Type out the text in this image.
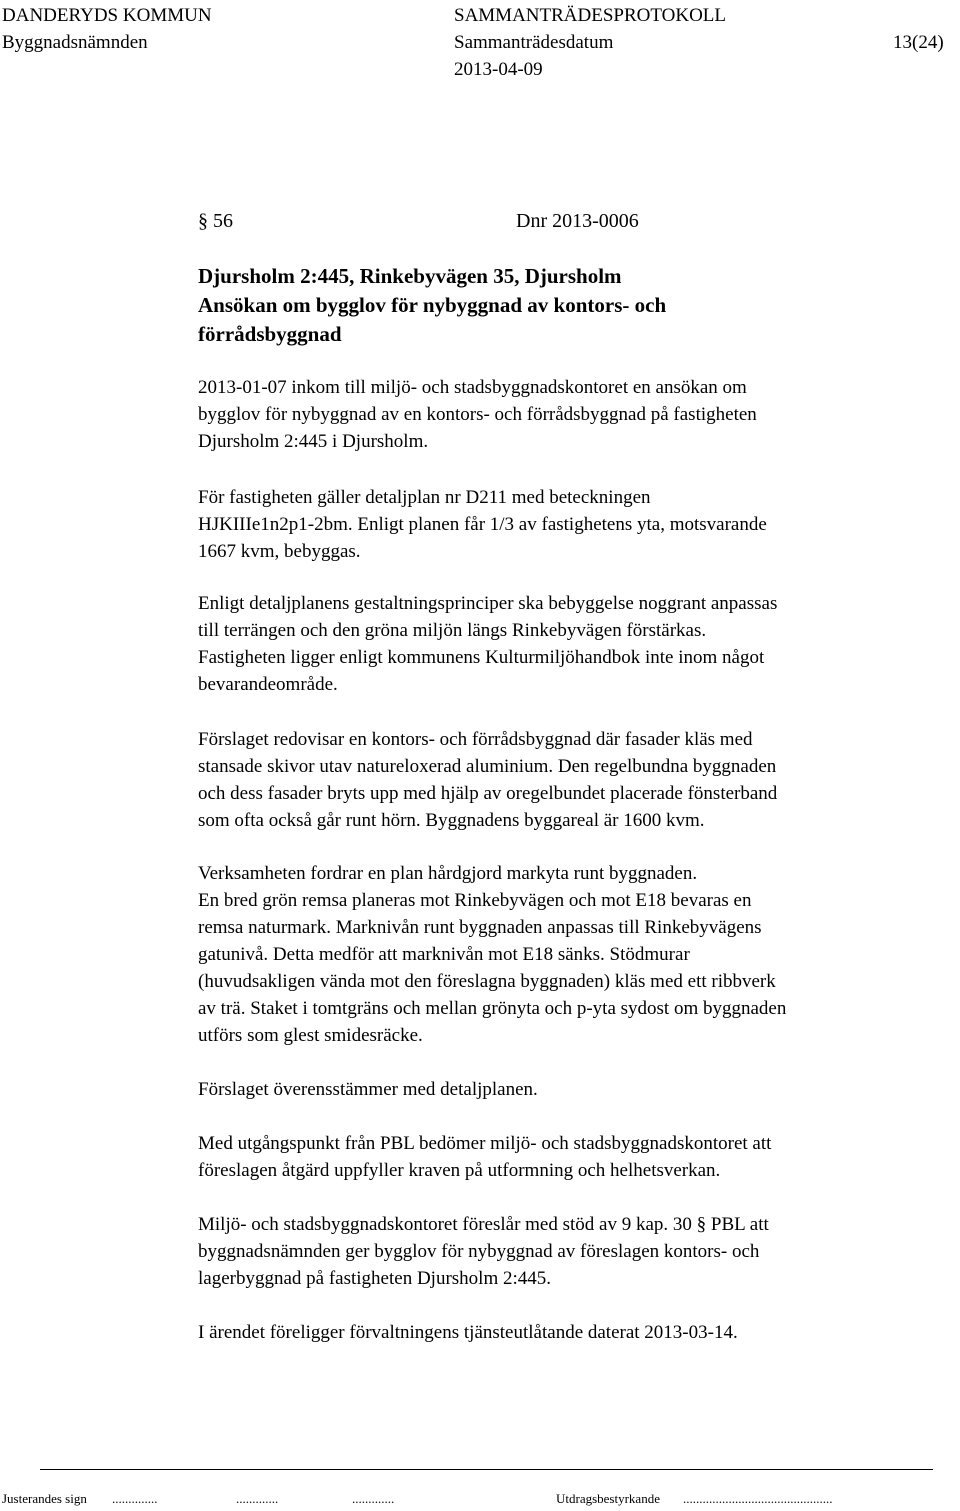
DANDERYDS KOMMUN	SAMMANTRÄDESPROTOKOLL
Byggnadsnämnden	Sammanträdesdatum	13(24)
2013-04-09
§ 56	Dnr 2013-0006
Djursholm 2:445, Rinkebyvägen 35, Djursholm
Ansökan om bygglov för nybyggnad av kontors- och
förrådsbyggnad

2013-01-07 inkom till miljö- och stadsbyggnadskontoret en ansökan om

bygglov för nybyggnad av en kontors- och förrådsbyggnad på fastigheten

Djursholm 2:445 i Djursholm.

För fastigheten gäller detaljplan nr D211 med beteckningen

HJKIIIe1n2p1-2bm. Enligt planen får 1/3 av fastighetens yta, motsvarande

1667 kvm, bebyggas.

Enligt detaljplanens gestaltningsprinciper ska bebyggelse noggrant anpassas

till terrängen och den gröna miljön längs Rinkebyvägen förstärkas.

Fastigheten ligger enligt kommunens Kulturmiljöhandbok inte inom något

bevarandeområde.

Förslaget redovisar en kontors- och förrådsbyggnad där fasader kläs med

stansade skivor utav natureloxerad aluminium. Den regelbundna byggnaden

och dess fasader bryts upp med hjälp av oregelbundet placerade fönsterband

som ofta också går runt hörn. Byggnadens byggareal är 1600 kvm.

Verksamheten fordrar en plan hårdgjord markyta runt byggnaden.

En bred grön remsa planeras mot Rinkebyvägen och mot E18 bevaras en

remsa naturmark. Marknivån runt byggnaden anpassas till Rinkebyvägens

gatunivå. Detta medför att marknivån mot E18 sänks. Stödmurar

(huvudsakligen vända mot den föreslagna byggnaden) kläs med ett ribbverk

av trä. Staket i tomtgräns och mellan grönyta och p-yta sydost om byggnaden

utförs som glest smidesräcke.

Förslaget överensstämmer med detaljplanen.

Med utgångspunkt från PBL bedömer miljö- och stadsbyggnadskontoret att

föreslagen åtgärd uppfyller kraven på utformning och helhetsverkan.

Miljö- och stadsbyggnadskontoret föreslår med stöd av 9 kap. 30 § PBL att

byggnadsnämnden ger bygglov för nybyggnad av föreslagen kontors- och

lagerbyggnad på fastigheten Djursholm 2:445.

I ärendet föreligger förvaltningens tjänsteutlåtande daterat 2013-03-14.

Justerandes sign ..............	.............	.............	Utdragsbestyrkande ..............................................
